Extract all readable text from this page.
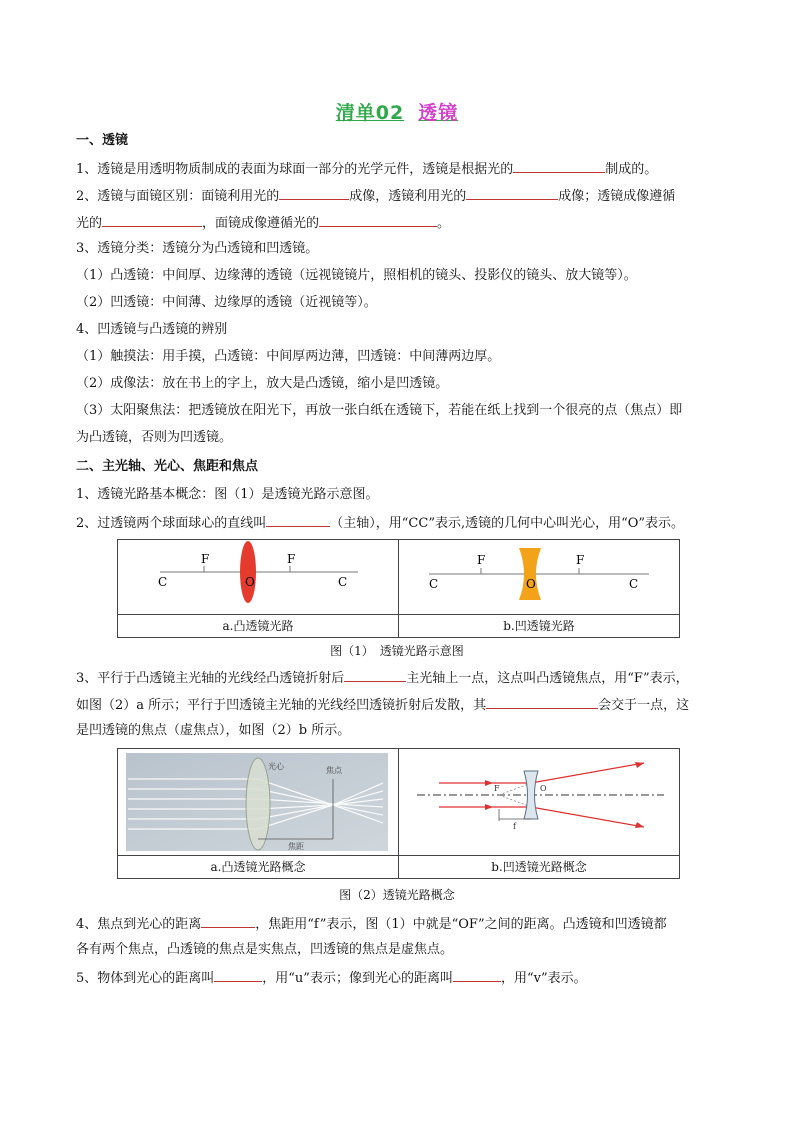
清单02 透镜
一、透镜
1、透镜是用透明物质制成的表面为球面一部分的光学元件，透镜是根据光的	制成的。
2、透镜与面镜区别：面镜利用光的	成像，透镜利用光的	成像；透镜成像遵循
光的	，面镜成像遵循光的	。
3、透镜分类：透镜分为凸透镜和凹透镜。
（1）凸透镜：中间厚、边缘薄的透镜（远视镜镜片，照相机的镜头、投影仪的镜头、放大镜等）。
（2）凹透镜：中间薄、边缘厚的透镜（近视镜等）。
4、凹透镜与凸透镜的辨别
（1）触摸法：用手摸，凸透镜：中间厚两边薄，凹透镜：中间薄两边厚。
（2）成像法：放在书上的字上，放大是凸透镜，缩小是凹透镜。
（3）太阳聚焦法：把透镜放在阳光下，再放一张白纸在透镜下，若能在纸上找到一个很亮的点（焦点）即
为凸透镜，否则为凹透镜。
二、主光轴、光心、焦距和焦点
1、透镜光路基本概念：图（1）是透镜光路示意图。
2、过透镜两个球面球心的直线叫	（主轴），用“CC”表示,透镜的几何中心叫光心，用“O”表示。
F	F
C	C
O
F	F
C	C
O
a.凸透镜光路	b.凹透镜光路
图（1）　透镜光路示意图
3、平行于凸透镜主光轴的光线经凸透镜折射后	主光轴上一点，这点叫凸透镜焦点，用“F”表示，
如图（2）a 所示；平行于凹透镜主光轴的光线经凹透镜折射后发散，其	会交于一点，这
是凹透镜的焦点（虚焦点），如图（2）b 所示。
光心	焦点
焦距
F	O
f
a.凸透镜光路概念	b.凹透镜光路概念
图（2）透镜光路概念
4、焦点到光心的距离	，焦距用“f”表示，图（1）中就是“OF”之间的距离。凸透镜和凹透镜都
各有两个焦点，凸透镜的焦点是实焦点，凹透镜的焦点是虚焦点。
5、物体到光心的距离叫	，用“u”表示；像到光心的距离叫	，用“v”表示。
